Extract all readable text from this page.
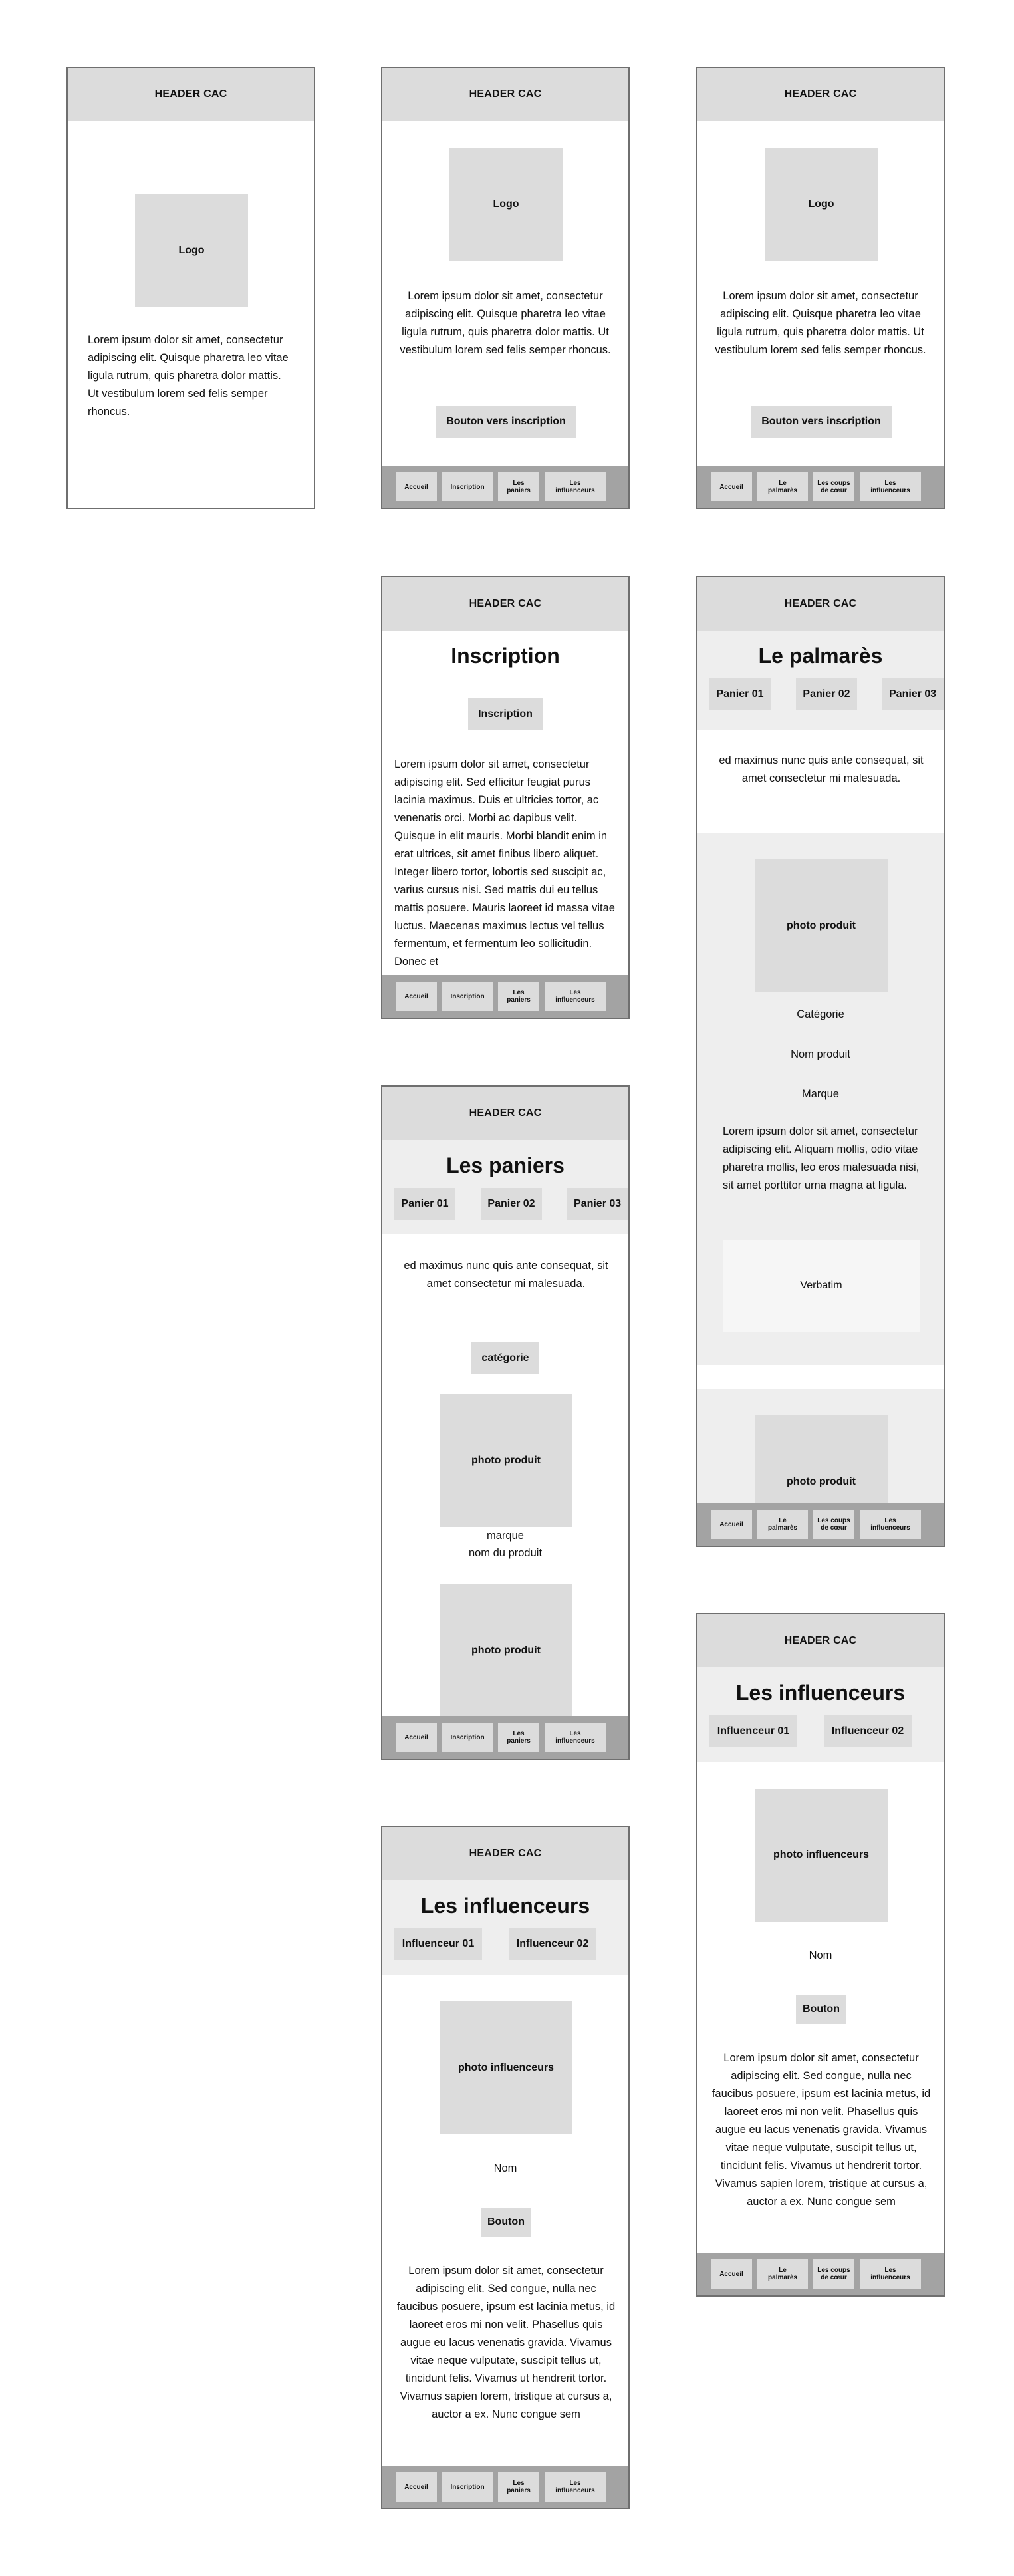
HEADER CAC
Logo
Lorem ipsum dolor sit amet, consectetur adipiscing elit. Quisque pharetra leo vitae ligula rutrum, quis pharetra dolor mattis. Ut vestibulum lorem sed felis semper rhoncus.
HEADER CAC
Logo
Lorem ipsum dolor sit amet, consectetur adipiscing elit. Quisque pharetra leo vitae ligula rutrum, quis pharetra dolor mattis. Ut vestibulum lorem sed felis semper rhoncus.
Bouton vers inscription
Accueil	Inscription	Les
paniers
Les
influenceurs
HEADER CAC
Logo
Lorem ipsum dolor sit amet, consectetur adipiscing elit. Quisque pharetra leo vitae ligula rutrum, quis pharetra dolor mattis. Ut vestibulum lorem sed felis semper rhoncus.
Bouton vers inscription
Accueil	Le
palmarès
Les coups
de cœur
Les
influenceurs
HEADER CAC
Inscription
Inscription
Lorem ipsum dolor sit amet, consectetur adipiscing elit. Sed efficitur feugiat purus lacinia maximus. Duis et ultricies tortor, ac venenatis orci. Morbi ac dapibus velit. Quisque in elit mauris. Morbi blandit enim in erat ultrices, sit amet finibus libero aliquet. Integer libero tortor, lobortis sed suscipit ac, varius cursus nisi. Sed mattis dui eu tellus mattis posuere. Mauris laoreet id massa vitae luctus. Maecenas maximus lectus vel tellus fermentum, et fermentum leo sollicitudin. Donec et
Accueil	Inscription	Les
paniers
Les
influenceurs
HEADER CAC
Le palmarès
Panier 01	Panier 02	Panier 03
ed maximus nunc quis ante consequat, sit amet consectetur mi malesuada.
photo produit
Catégorie
Nom produit
Marque
Lorem ipsum dolor sit amet, consectetur adipiscing elit. Aliquam mollis, odio vitae pharetra mollis, leo eros malesuada nisi, sit amet porttitor urna magna at ligula.
Verbatim
photo produit
Accueil	Le
palmarès
Les coups
de cœur
Les
influenceurs
HEADER CAC
Les paniers
Panier 01	Panier 02	Panier 03
ed maximus nunc quis ante consequat, sit amet consectetur mi malesuada.
catégorie
photo produit
marque
nom du produit
photo produit
Accueil	Inscription	Les
paniers
Les
influenceurs
HEADER CAC
Les influenceurs
Influenceur 01	Influenceur 02
photo influenceurs
Nom
Bouton
Lorem ipsum dolor sit amet, consectetur adipiscing elit. Sed congue, nulla nec faucibus posuere, ipsum est lacinia metus, id laoreet eros mi non velit. Phasellus quis augue eu lacus venenatis gravida. Vivamus vitae neque vulputate, suscipit tellus ut, tincidunt felis. Vivamus ut hendrerit tortor. Vivamus sapien lorem, tristique at cursus a, auctor a ex. Nunc congue sem
Accueil	Le
palmarès
Les coups
de cœur
Les
influenceurs
HEADER CAC
Les influenceurs
Influenceur 01	Influenceur 02
photo influenceurs
Nom
Bouton
Lorem ipsum dolor sit amet, consectetur adipiscing elit. Sed congue, nulla nec faucibus posuere, ipsum est lacinia metus, id laoreet eros mi non velit. Phasellus quis augue eu lacus venenatis gravida. Vivamus vitae neque vulputate, suscipit tellus ut, tincidunt felis. Vivamus ut hendrerit tortor. Vivamus sapien lorem, tristique at cursus a, auctor a ex. Nunc congue sem
Accueil	Inscription	Les
paniers
Les
influenceurs
